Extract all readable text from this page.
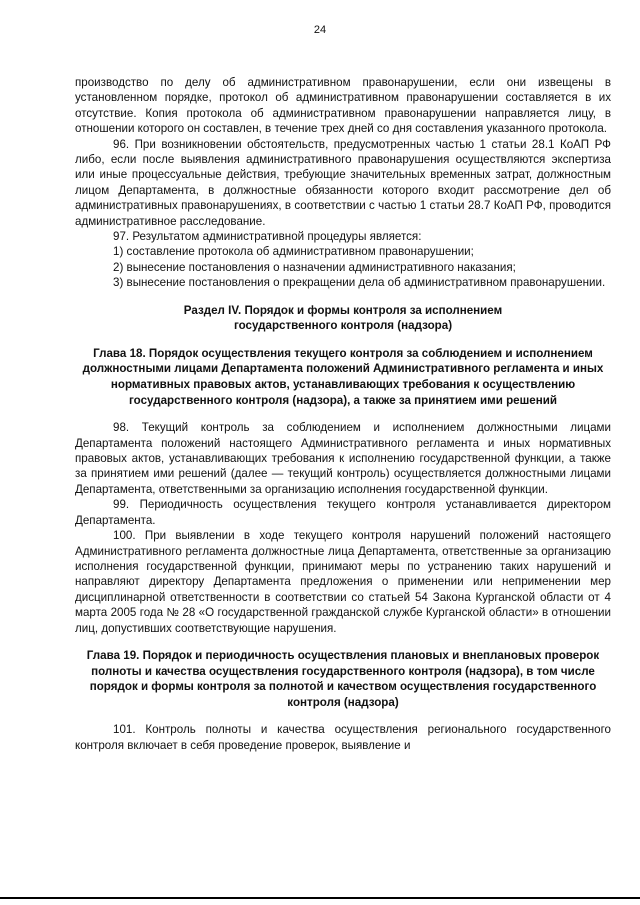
24

производство по делу об административном правонарушении, если они извещены в установленном порядке, протокол об административном правонарушении составляется в их отсутствие. Копия протокола об административном правонарушении направляется лицу, в отношении которого он составлен, в течение трех дней со дня составления указанного протокола.

96. При возникновении обстоятельств, предусмотренных частью 1 статьи 28.1 КоАП РФ либо, если после выявления административного правонарушения осуществляются экспертиза или иные процессуальные действия, требующие значительных временных затрат, должностным лицом Департамента, в должностные обязанности которого входит рассмотрение дел об административных правонарушениях, в соответствии с частью 1 статьи 28.7 КоАП РФ, проводится административное расследование.

97. Результатом административной процедуры является:

1) составление протокола об административном правонарушении;

2) вынесение постановления о назначении административного наказания;

3) вынесение постановления о прекращении дела об административном правонарушении.

Раздел IV. Порядок и формы контроля за исполнением государственного контроля (надзора)

Глава 18. Порядок осуществления текущего контроля за соблюдением и исполнением должностными лицами Департамента положений Административного регламента и иных нормативных правовых актов, устанавливающих требования к осуществлению государственного контроля (надзора), а также за принятием ими решений

98. Текущий контроль за соблюдением и исполнением должностными лицами Департамента положений настоящего Административного регламента и иных нормативных правовых актов, устанавливающих требования к исполнению государственной функции, а также за принятием ими решений (далее — текущий контроль) осуществляется должностными лицами Департамента, ответственными за организацию исполнения государственной функции.

99. Периодичность осуществления текущего контроля устанавливается директором Департамента.

100. При выявлении в ходе текущего контроля нарушений положений настоящего Административного регламента должностные лица Департамента, ответственные за организацию исполнения государственной функции, принимают меры по устранению таких нарушений и направляют директору Департамента предложения о применении или неприменении мер дисциплинарной ответственности в соответствии со статьей 54 Закона Курганской области от 4 марта 2005 года № 28 «О государственной гражданской службе Курганской области» в отношении лиц, допустивших соответствующие нарушения.

Глава 19. Порядок и периодичность осуществления плановых и внеплановых проверок полноты и качества осуществления государственного контроля (надзора), в том числе порядок и формы контроля за полнотой и качеством осуществления государственного контроля (надзора)

101. Контроль полноты и качества осуществления регионального государственного контроля включает в себя проведение проверок, выявление и
